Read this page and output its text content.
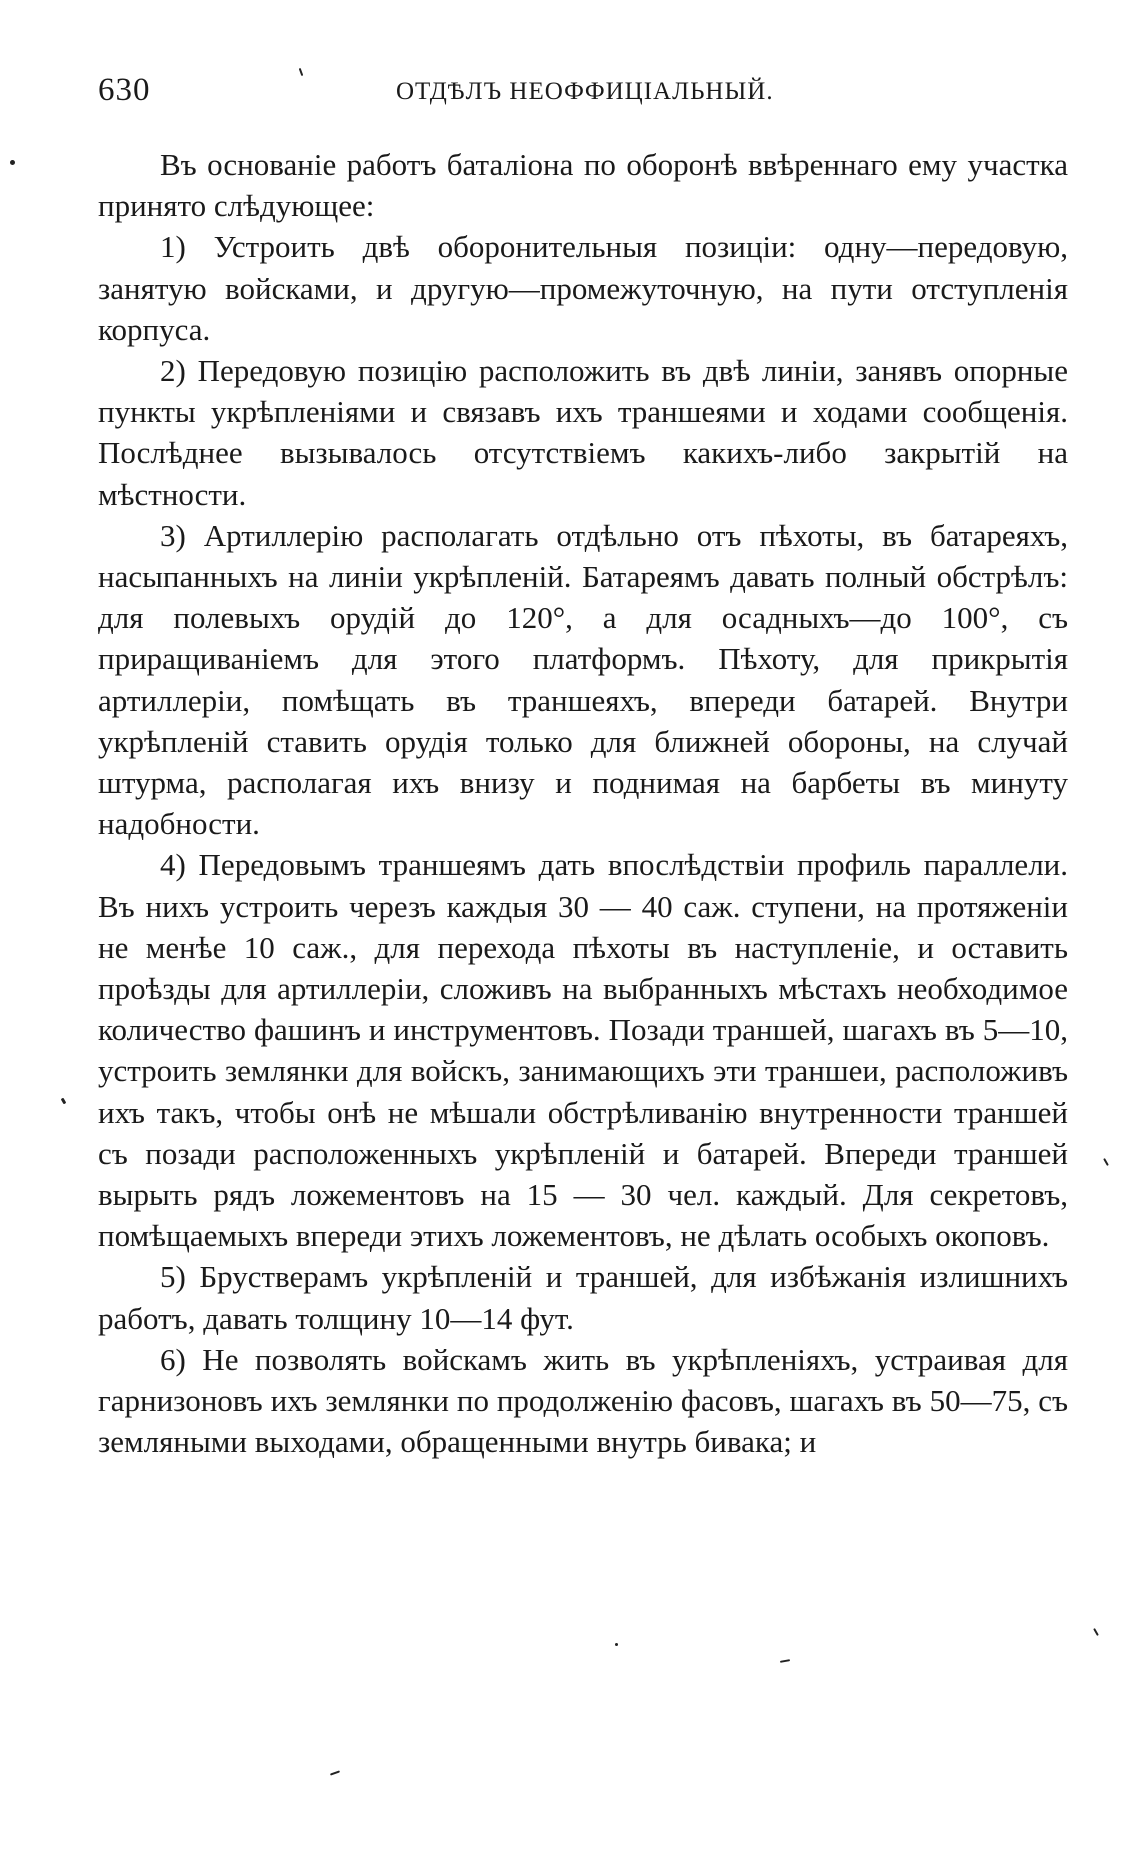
630	ОТДѢЛЪ НЕОФФИЦІАЛЬНЫЙ.

Въ основаніе работъ баталіона по оборонѣ ввѣреннаго ему участка принято слѣдующее:

1) Устроить двѣ оборонительныя позиціи: одну—передовую, занятую войсками, и другую—промежуточную, на пути отступленія корпуса.

2) Передовую позицію расположить въ двѣ линіи, занявъ опорные пункты укрѣпленіями и связавъ ихъ траншеями и ходами сообщенія. Послѣднее вызывалось отсутствіемъ какихъ-либо закрытій на мѣстности.

3) Артиллерію располагать отдѣльно отъ пѣхоты, въ батареяхъ, насыпанныхъ на линіи укрѣпленій. Батареямъ давать полный обстрѣлъ: для полевыхъ орудій до 120°, а для осадныхъ—до 100°, съ приращиваніемъ для этого платформъ. Пѣхоту, для прикрытія артиллеріи, помѣщать въ траншеяхъ, впереди батарей. Внутри укрѣпленій ставить орудія только для ближней обороны, на случай штурма, располагая ихъ внизу и поднимая на барбеты въ минуту надобности.

4) Передовымъ траншеямъ дать впослѣдствіи профиль параллели. Въ нихъ устроить черезъ каждыя 30 — 40 саж. ступени, на протяженіи не менѣе 10 саж., для перехода пѣхоты въ наступленіе, и оставить проѣзды для артиллеріи, сложивъ на выбранныхъ мѣстахъ необходимое количество фашинъ и инструментовъ. Позади траншей, шагахъ въ 5—10, устроить землянки для войскъ, занимающихъ эти траншеи, расположивъ ихъ такъ, чтобы онѣ не мѣшали обстрѣливанію внутренности траншей съ позади расположенныхъ укрѣпленій и батарей. Впереди траншей вырыть рядъ ложементовъ на 15 — 30 чел. каждый. Для секретовъ, помѣщаемыхъ впереди этихъ ложементовъ, не дѣлать особыхъ окоповъ.

5) Брустверамъ укрѣпленій и траншей, для избѣжанія излишнихъ работъ, давать толщину 10—14 фут.

6) Не позволять войскамъ жить въ укрѣпленіяхъ, устраивая для гарнизоновъ ихъ землянки по продолженію фасовъ, шагахъ въ 50—75, съ земляными выходами, обращенными внутрь бивака; и
